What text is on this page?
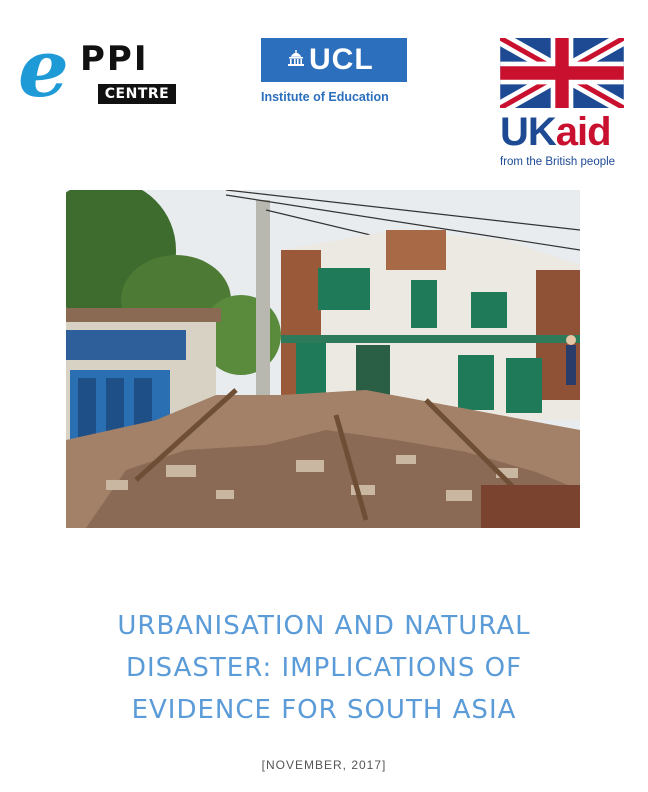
e PPI
CENTRE
UCL
Institute of Education
UKaid
from the British people
URBANISATION AND NATURAL
DISASTER: IMPLICATIONS OF
EVIDENCE FOR SOUTH ASIA
[NOVEMBER, 2017]
